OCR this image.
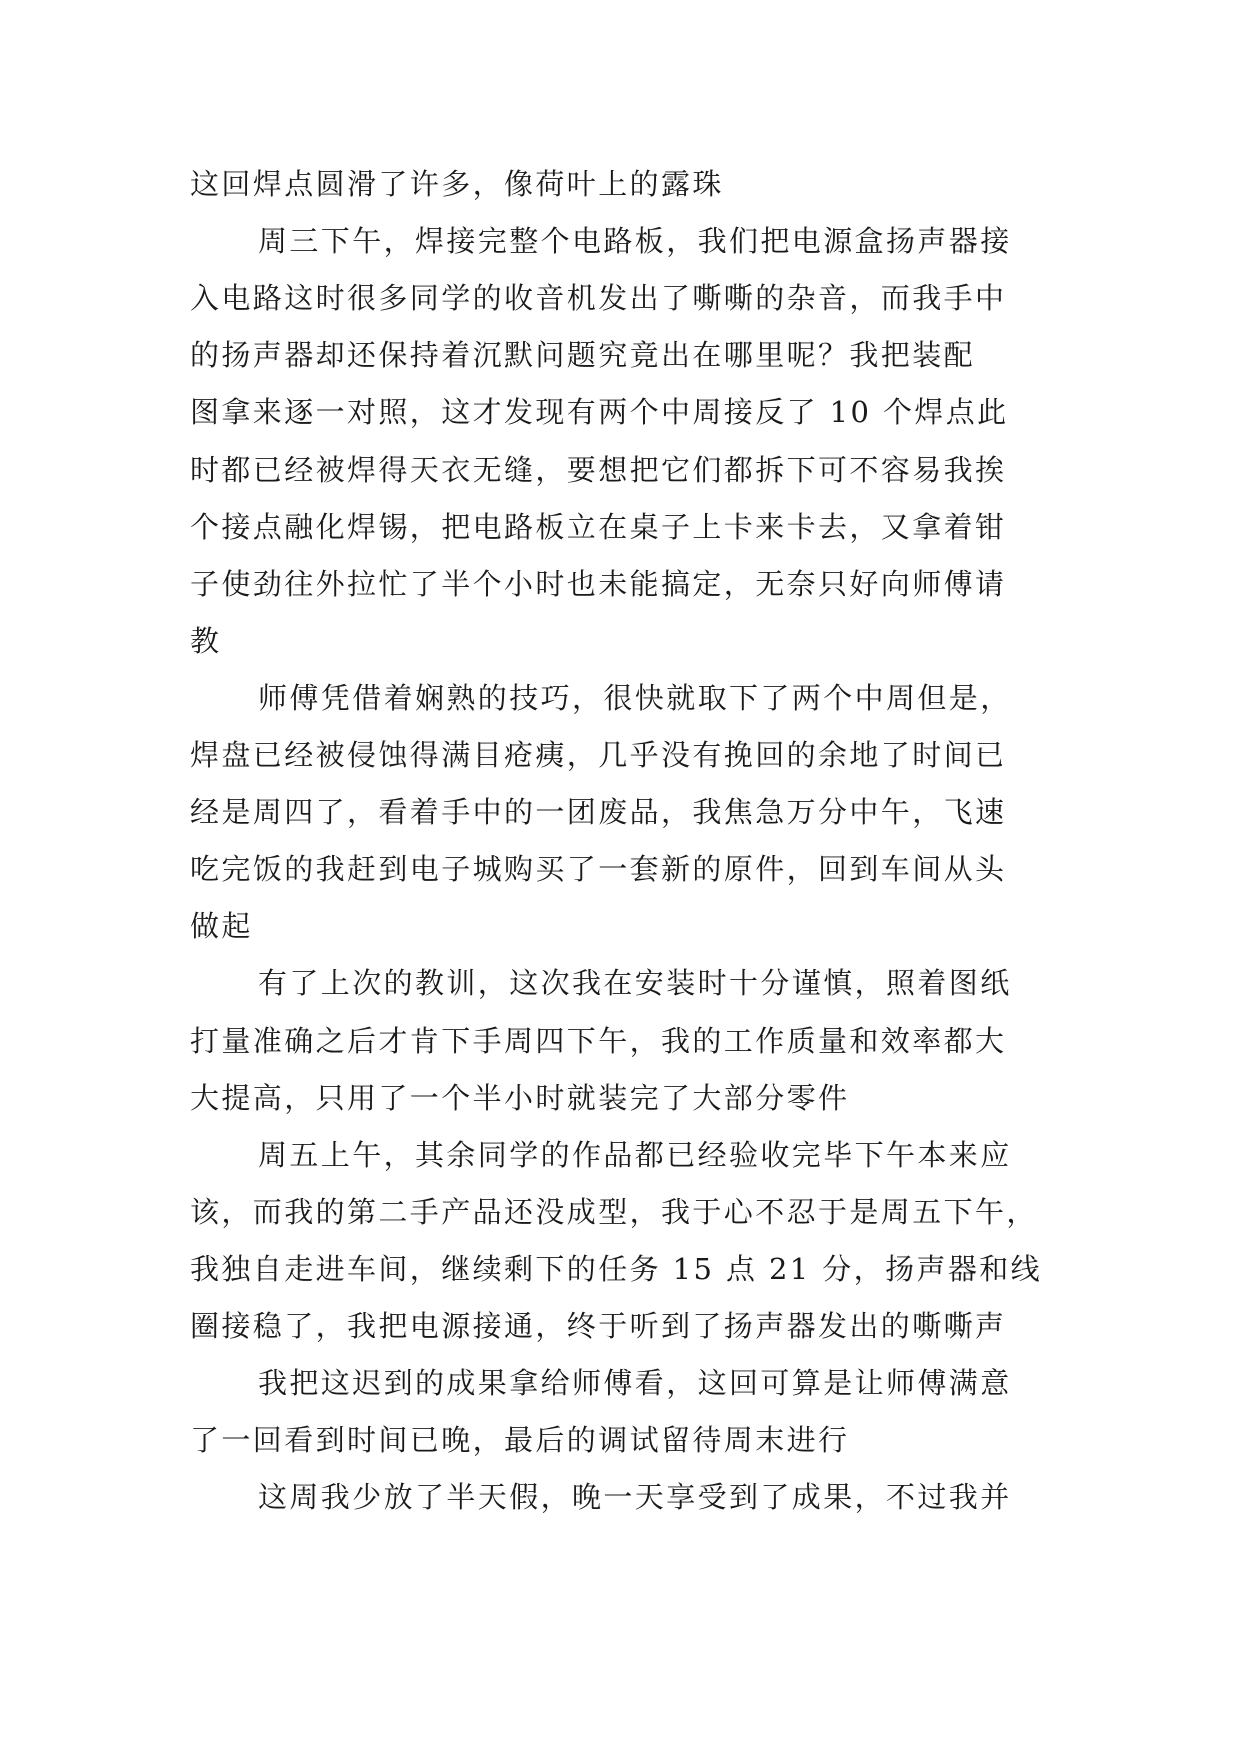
这回焊点圆滑了许多，像荷叶上的露珠
周三下午，焊接完整个电路板，我们把电源盒扬声器接
入电路这时很多同学的收音机发出了嘶嘶的杂音，而我手中
的扬声器却还保持着沉默问题究竟出在哪里呢？我把装配
图拿来逐一对照，这才发现有两个中周接反了 10 个焊点此
时都已经被焊得天衣无缝，要想把它们都拆下可不容易我挨
个接点融化焊锡，把电路板立在桌子上卡来卡去，又拿着钳
子使劲往外拉忙了半个小时也未能搞定，无奈只好向师傅请
教
师傅凭借着娴熟的技巧，很快就取下了两个中周但是，
焊盘已经被侵蚀得满目疮痍，几乎没有挽回的余地了时间已
经是周四了，看着手中的一团废品，我焦急万分中午，飞速
吃完饭的我赶到电子城购买了一套新的原件，回到车间从头
做起
有了上次的教训，这次我在安装时十分谨慎，照着图纸
打量准确之后才肯下手周四下午，我的工作质量和效率都大
大提高，只用了一个半小时就装完了大部分零件
周五上午，其余同学的作品都已经验收完毕下午本来应
该，而我的第二手产品还没成型，我于心不忍于是周五下午，
我独自走进车间，继续剩下的任务 15 点 21 分，扬声器和线
圈接稳了，我把电源接通，终于听到了扬声器发出的嘶嘶声
我把这迟到的成果拿给师傅看，这回可算是让师傅满意
了一回看到时间已晚，最后的调试留待周末进行
这周我少放了半天假，晚一天享受到了成果，不过我并
